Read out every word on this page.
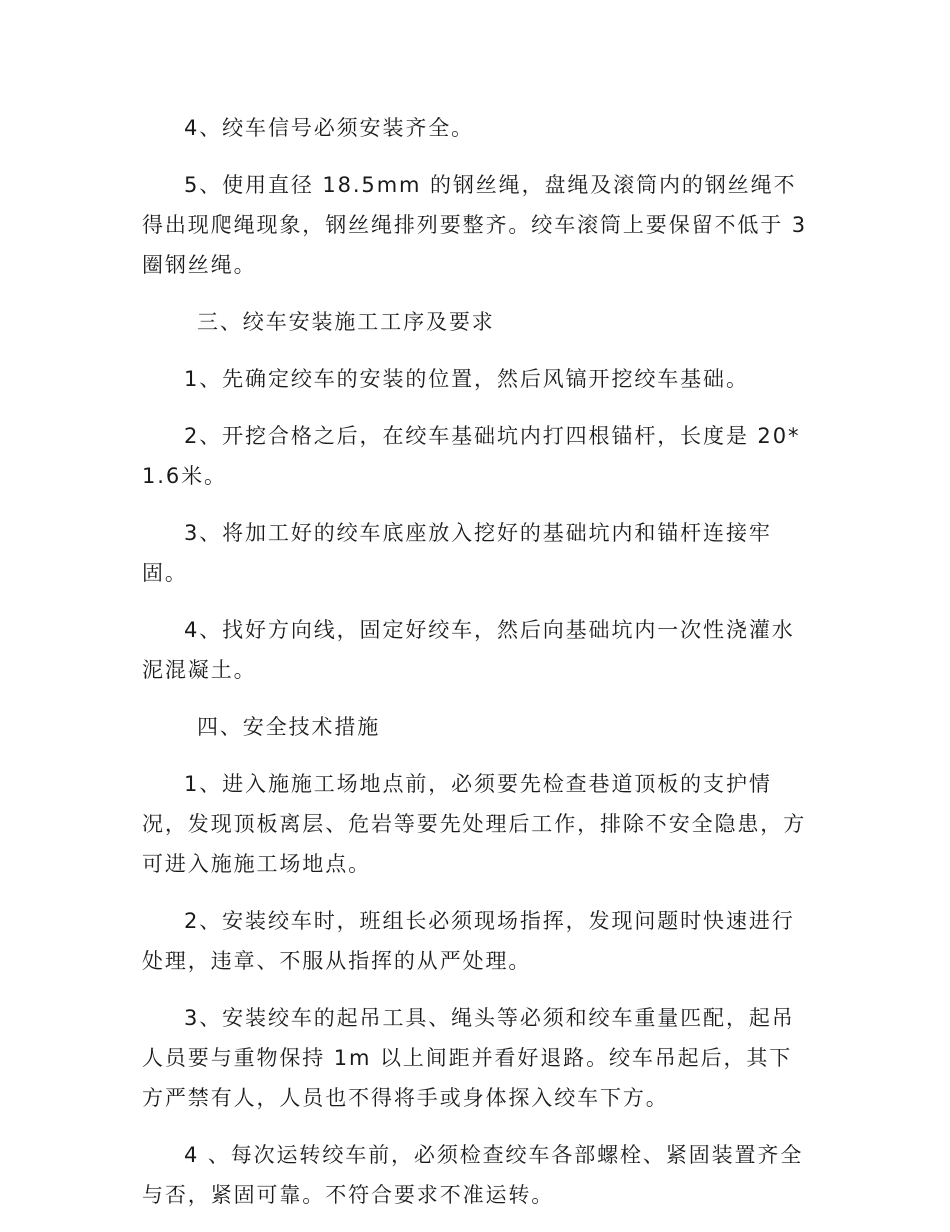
4、绞车信号必须安装齐全。

5、使用直径 18.5mm 的钢丝绳，盘绳及滚筒内的钢丝绳不得出现爬绳现象，钢丝绳排列要整齐。绞车滚筒上要保留不低于 3 圈钢丝绳。

三、绞车安装施工工序及要求

1、先确定绞车的安装的位置，然后风镐开挖绞车基础。

2、开挖合格之后，在绞车基础坑内打四根锚杆，长度是 20*1.6米。

3、将加工好的绞车底座放入挖好的基础坑内和锚杆连接牢固。

4、找好方向线，固定好绞车，然后向基础坑内一次性浇灌水泥混凝土。

四、安全技术措施

1、进入施施工场地点前，必须要先检查巷道顶板的支护情况，发现顶板离层、危岩等要先处理后工作，排除不安全隐患，方可进入施施工场地点。

2、安装绞车时，班组长必须现场指挥，发现问题时快速进行处理，违章、不服从指挥的从严处理。

3、安装绞车的起吊工具、绳头等必须和绞车重量匹配，起吊人员要与重物保持 1m 以上间距并看好退路。绞车吊起后，其下方严禁有人，人员也不得将手或身体探入绞车下方。

4 、每次运转绞车前，必须检查绞车各部螺栓、紧固装置齐全与否，紧固可靠。不符合要求不准运转。
